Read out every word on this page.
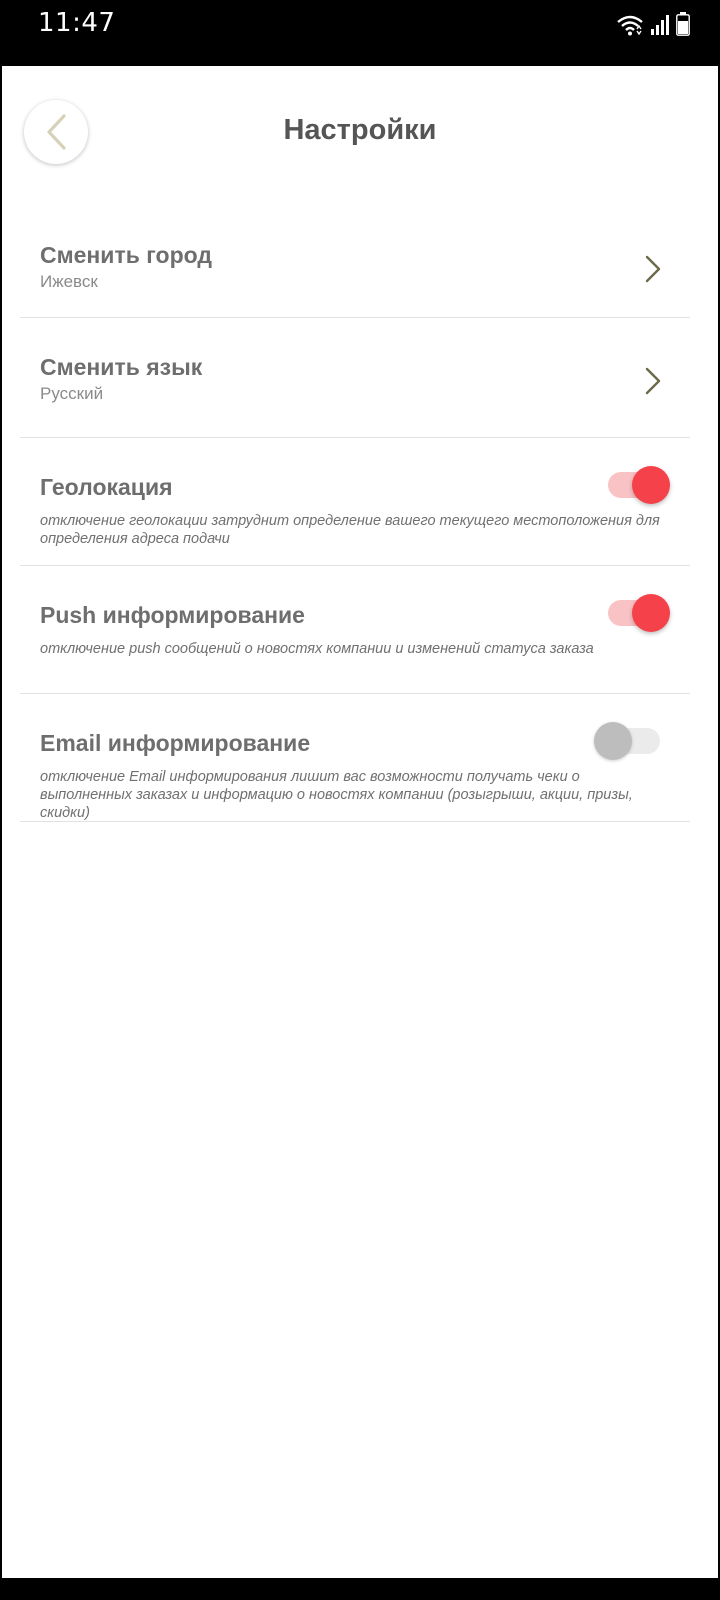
11:47
Настройки
Сменить город
Ижевск
Сменить язык
Русский
Геолокация
отключение геолокации затруднит определение вашего текущего местоположения для определения адреса подачи
Push информирование
отключение push сообщений о новостях компании и изменений статуса заказа
Email информирование
отключение Email информирования лишит вас возможности получать чеки о выполненных заказах и информацию о новостях компании (розыгрыши, акции, призы, скидки)
